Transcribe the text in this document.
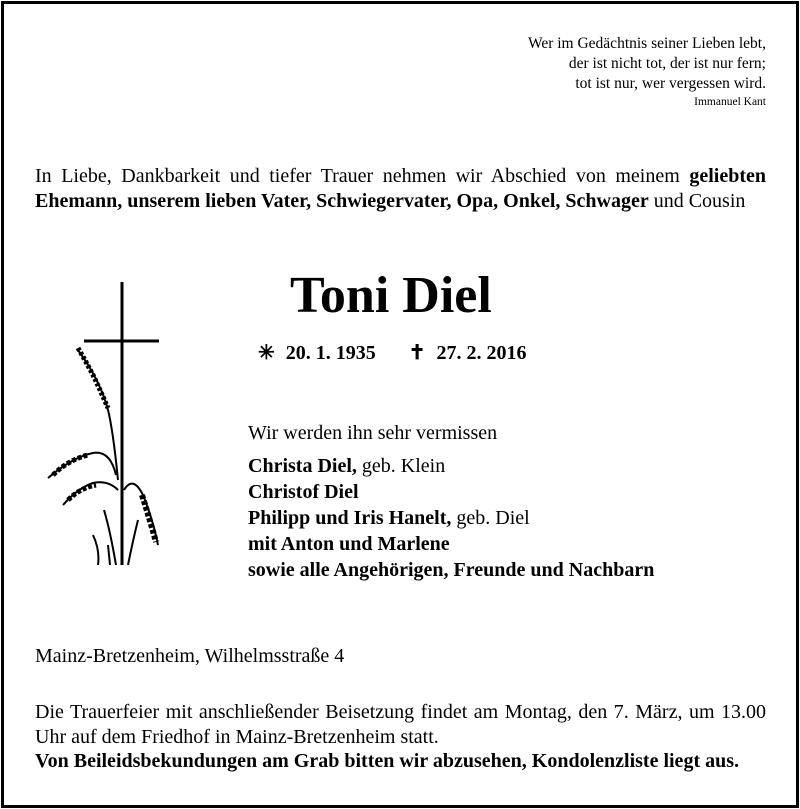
Wer im Gedächtnis seiner Lieben lebt,
der ist nicht tot, der ist nur fern;
tot ist nur, wer vergessen wird.
Immanuel Kant
In Liebe, Dankbarkeit und tiefer Trauer nehmen wir Abschied von meinem geliebten Ehemann, unserem lieben Vater, Schwiegervater, Opa, Onkel, Schwager und Cousin
Toni Diel
✳ 20. 1. 1935 ✝ 27. 2. 2016
Wir werden ihn sehr vermissen
Christa Diel, geb. Klein
Christof Diel
Philipp und Iris Hanelt, geb. Diel
mit Anton und Marlene
sowie alle Angehörigen, Freunde und Nachbarn
Mainz-Bretzenheim, Wilhelmsstraße 4
Die Trauerfeier mit anschließender Beisetzung findet am Montag, den 7. März, um 13.00 Uhr auf dem Friedhof in Mainz-Bretzenheim statt.
Von Beileidsbekundungen am Grab bitten wir abzusehen, Kondolenzliste liegt aus.
